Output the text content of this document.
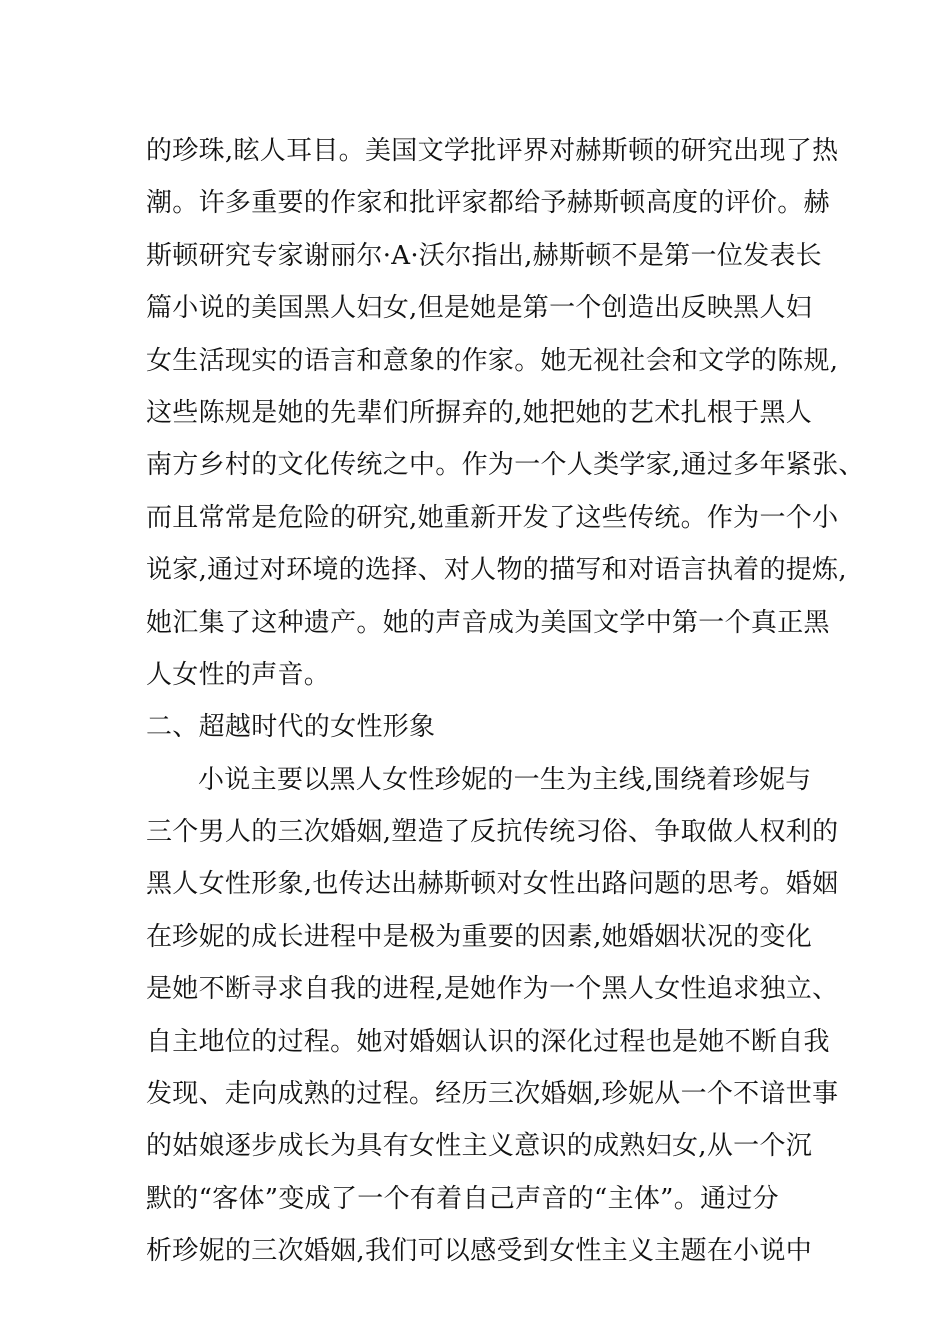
的珍珠,眩人耳目。美国文学批评界对赫斯顿的研究出现了热
潮。许多重要的作家和批评家都给予赫斯顿高度的评价。赫
斯顿研究专家谢丽尔·A·沃尔指出,赫斯顿不是第一位发表长
篇小说的美国黑人妇女,但是她是第一个创造出反映黑人妇
女生活现实的语言和意象的作家。她无视社会和文学的陈规,
这些陈规是她的先辈们所摒弃的,她把她的艺术扎根于黑人
南方乡村的文化传统之中。作为一个人类学家,通过多年紧张、
而且常常是危险的研究,她重新开发了这些传统。作为一个小
说家,通过对环境的选择、对人物的描写和对语言执着的提炼,
她汇集了这种遗产。她的声音成为美国文学中第一个真正黑
人女性的声音。
二、超越时代的女性形象
小说主要以黑人女性珍妮的一生为主线,围绕着珍妮与
三个男人的三次婚姻,塑造了反抗传统习俗、争取做人权利的
黑人女性形象,也传达出赫斯顿对女性出路问题的思考。婚姻
在珍妮的成长进程中是极为重要的因素,她婚姻状况的变化
是她不断寻求自我的进程,是她作为一个黑人女性追求独立、
自主地位的过程。她对婚姻认识的深化过程也是她不断自我
发现、走向成熟的过程。经历三次婚姻,珍妮从一个不谙世事
的姑娘逐步成长为具有女性主义意识的成熟妇女,从一个沉
默的“客体”变成了一个有着自己声音的“主体”。通过分
析珍妮的三次婚姻,我们可以感受到女性主义主题在小说中
